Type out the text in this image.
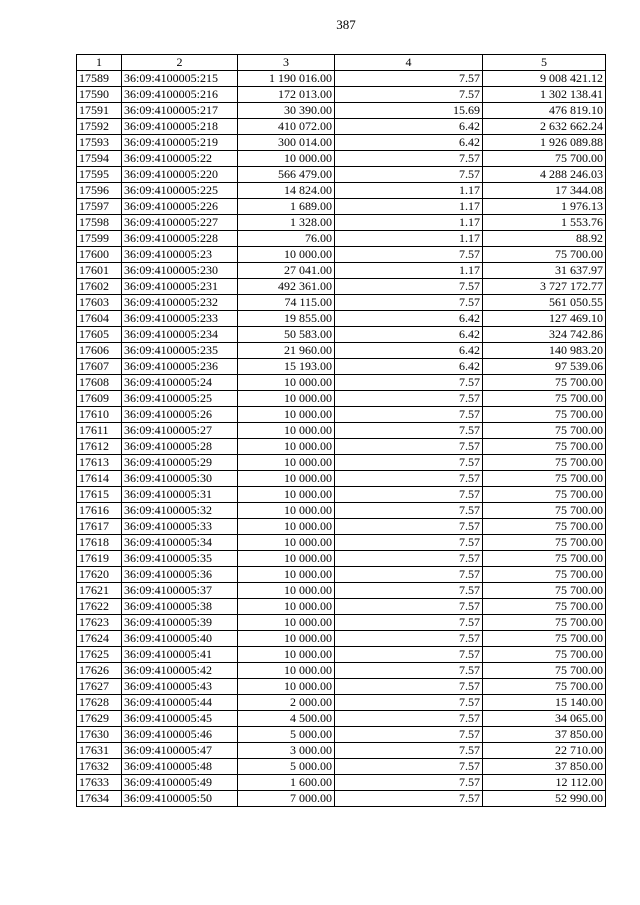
387
1	2	3	4	5
17589	36:09:4100005:215	1 190 016.00	7.57	9 008 421.12
17590	36:09:4100005:216	172 013.00	7.57	1 302 138.41
17591	36:09:4100005:217	30 390.00	15.69	476 819.10
17592	36:09:4100005:218	410 072.00	6.42	2 632 662.24
17593	36:09:4100005:219	300 014.00	6.42	1 926 089.88
17594	36:09:4100005:22	10 000.00	7.57	75 700.00
17595	36:09:4100005:220	566 479.00	7.57	4 288 246.03
17596	36:09:4100005:225	14 824.00	1.17	17 344.08
17597	36:09:4100005:226	1 689.00	1.17	1 976.13
17598	36:09:4100005:227	1 328.00	1.17	1 553.76
17599	36:09:4100005:228	76.00	1.17	88.92
17600	36:09:4100005:23	10 000.00	7.57	75 700.00
17601	36:09:4100005:230	27 041.00	1.17	31 637.97
17602	36:09:4100005:231	492 361.00	7.57	3 727 172.77
17603	36:09:4100005:232	74 115.00	7.57	561 050.55
17604	36:09:4100005:233	19 855.00	6.42	127 469.10
17605	36:09:4100005:234	50 583.00	6.42	324 742.86
17606	36:09:4100005:235	21 960.00	6.42	140 983.20
17607	36:09:4100005:236	15 193.00	6.42	97 539.06
17608	36:09:4100005:24	10 000.00	7.57	75 700.00
17609	36:09:4100005:25	10 000.00	7.57	75 700.00
17610	36:09:4100005:26	10 000.00	7.57	75 700.00
17611	36:09:4100005:27	10 000.00	7.57	75 700.00
17612	36:09:4100005:28	10 000.00	7.57	75 700.00
17613	36:09:4100005:29	10 000.00	7.57	75 700.00
17614	36:09:4100005:30	10 000.00	7.57	75 700.00
17615	36:09:4100005:31	10 000.00	7.57	75 700.00
17616	36:09:4100005:32	10 000.00	7.57	75 700.00
17617	36:09:4100005:33	10 000.00	7.57	75 700.00
17618	36:09:4100005:34	10 000.00	7.57	75 700.00
17619	36:09:4100005:35	10 000.00	7.57	75 700.00
17620	36:09:4100005:36	10 000.00	7.57	75 700.00
17621	36:09:4100005:37	10 000.00	7.57	75 700.00
17622	36:09:4100005:38	10 000.00	7.57	75 700.00
17623	36:09:4100005:39	10 000.00	7.57	75 700.00
17624	36:09:4100005:40	10 000.00	7.57	75 700.00
17625	36:09:4100005:41	10 000.00	7.57	75 700.00
17626	36:09:4100005:42	10 000.00	7.57	75 700.00
17627	36:09:4100005:43	10 000.00	7.57	75 700.00
17628	36:09:4100005:44	2 000.00	7.57	15 140.00
17629	36:09:4100005:45	4 500.00	7.57	34 065.00
17630	36:09:4100005:46	5 000.00	7.57	37 850.00
17631	36:09:4100005:47	3 000.00	7.57	22 710.00
17632	36:09:4100005:48	5 000.00	7.57	37 850.00
17633	36:09:4100005:49	1 600.00	7.57	12 112.00
17634	36:09:4100005:50	7 000.00	7.57	52 990.00
